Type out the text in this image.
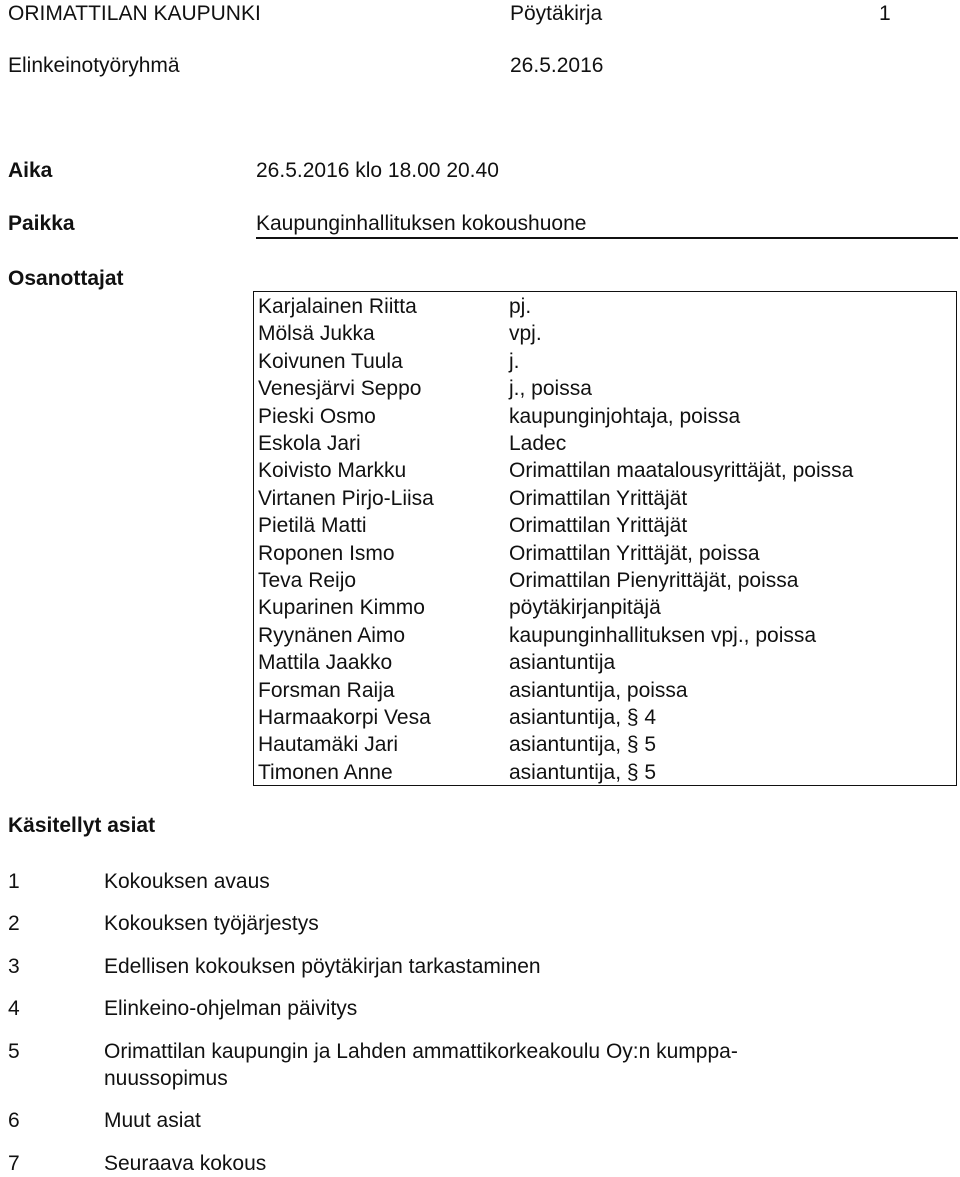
ORIMATTILAN KAUPUNKI	Pöytäkirja	1
Elinkeinotyöryhmä	26.5.2016
Aika	26.5.2016 klo 18.00 20.40
Paikka	Kaupunginhallituksen kokoushuone
Osanottajat
Karjalainen Riitta	pj.
Mölsä Jukka	vpj.
Koivunen Tuula	j.
Venesjärvi Seppo	j., poissa
Pieski Osmo	kaupunginjohtaja, poissa
Eskola Jari	Ladec
Koivisto Markku	Orimattilan maatalousyrittäjät, poissa
Virtanen Pirjo-Liisa	Orimattilan Yrittäjät
Pietilä Matti	Orimattilan Yrittäjät
Roponen Ismo	Orimattilan Yrittäjät, poissa
Teva Reijo	Orimattilan Pienyrittäjät, poissa
Kuparinen Kimmo	pöytäkirjanpitäjä
Ryynänen Aimo	kaupunginhallituksen vpj., poissa
Mattila Jaakko	asiantuntija
Forsman Raija	asiantuntija, poissa
Harmaakorpi Vesa	asiantuntija, § 4
Hautamäki Jari	asiantuntija, § 5
Timonen Anne	asiantuntija, § 5
Käsitellyt asiat
1	Kokouksen avaus
2	Kokouksen työjärjestys
3	Edellisen kokouksen pöytäkirjan tarkastaminen
4	Elinkeino-ohjelman päivitys
5	Orimattilan kaupungin ja Lahden ammattikorkeakoulu Oy:n kumppa-
nuussopimus
6	Muut asiat
7	Seuraava kokous
